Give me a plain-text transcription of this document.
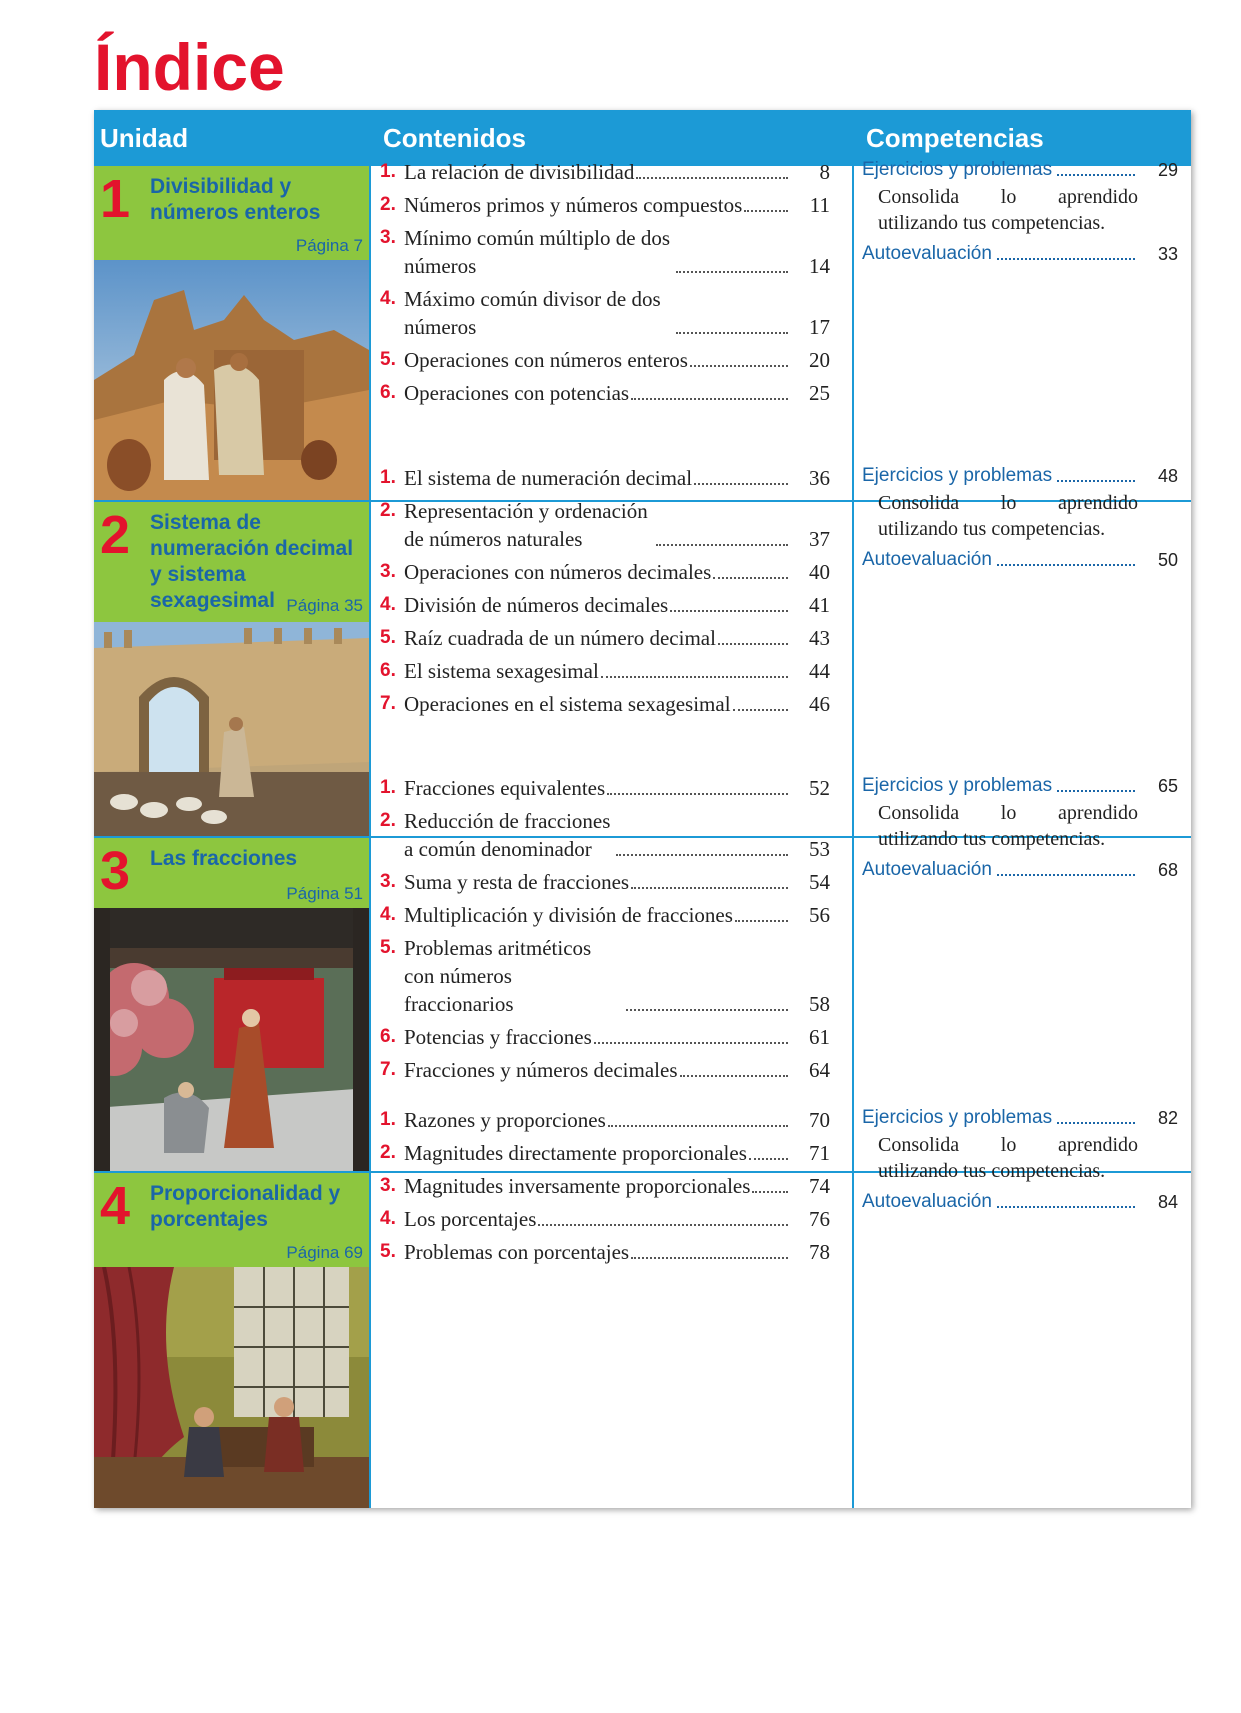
Índice
Unidad	Contenidos	Competencias
1 Divisibilidad y números enteros
Página 7
1. La relación de divisibilidad	8
2. Números primos y números compuestos	11
3. Mínimo común múltiplo de dos números	14
4. Máximo común divisor de dos números	17
5. Operaciones con números enteros	20
6. Operaciones con potencias	25
Ejercicios y problemas	29
Consolida lo aprendido utilizando tus competencias.
Autoevaluación	33
2 Sistema de numeración decimal y sistema sexagesimal Página 35
1. El sistema de numeración decimal	36
2. Representación y ordenación de números naturales	37
3. Operaciones con números decimales	40
4. División de números decimales	41
5. Raíz cuadrada de un número decimal	43
6. El sistema sexagesimal	44
7. Operaciones en el sistema sexagesimal	46
Ejercicios y problemas	48
Consolida lo aprendido utilizando tus competencias.
Autoevaluación	50
3 Las fracciones
Página 51
1. Fracciones equivalentes	52
2. Reducción de fracciones a común denominador	53
3. Suma y resta de fracciones	54
4. Multiplicación y división de fracciones	56
5. Problemas aritméticos con números fraccionarios	58
6. Potencias y fracciones	61
7. Fracciones y números decimales	64
Ejercicios y problemas	65
Consolida lo aprendido utilizando tus competencias.
Autoevaluación	68
4 Proporcionalidad y porcentajes
Página 69
1. Razones y proporciones	70
2. Magnitudes directamente proporcionales	71
3. Magnitudes inversamente proporcionales	74
4. Los porcentajes	76
5. Problemas con porcentajes	78
Ejercicios y problemas	82
Consolida lo aprendido utilizando tus competencias.
Autoevaluación	84
